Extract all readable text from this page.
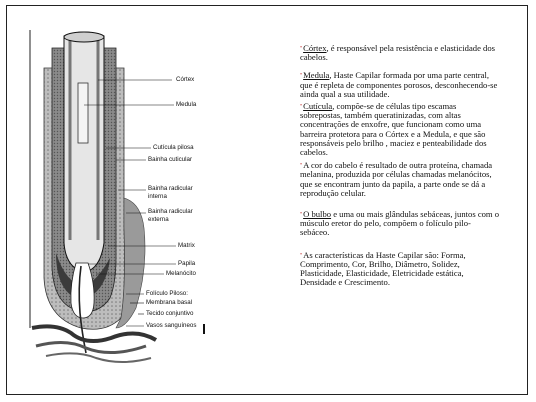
Córtex
Medula
Cutícula pilosa
Bainha cuticular
Bainha radicular
interna
Bainha radicular
externa
Matrix
Papila
Melanócito
Folículo Piloso:
Membrana basal
Tecido conjuntivo
Vasos sanguíneos

•Córtex, é responsável pela resistência e elasticidade dos cabelos.

•Medula, Haste Capilar formada por uma parte central, que é repleta de componentes porosos, desconhecendo-se ainda qual a sua utilidade.

•Cutícula, compõe-se de células tipo escamas sobrepostas, também queratinizadas, com altas concentrações de enxofre, que funcionam como uma barreira protetora para o Córtex e a Medula, e que são responsáveis pelo brilho , maciez e penteabilidade dos cabelos.

•A cor do cabelo é resultado de outra proteína, chamada melanina, produzida por células chamadas melanócitos, que se encontram junto da papila, a parte onde se dá a reprodução celular.

•O bulbo e uma ou mais glândulas sebáceas, juntos com o músculo eretor do pelo, compõem o folículo pilo-sebáceo.

•As características da Haste Capilar são: Forma, Comprimento, Cor, Brilho, Diâmetro, Solidez, Plasticidade, Elasticidade, Eletricidade estática, Densidade e Crescimento.
